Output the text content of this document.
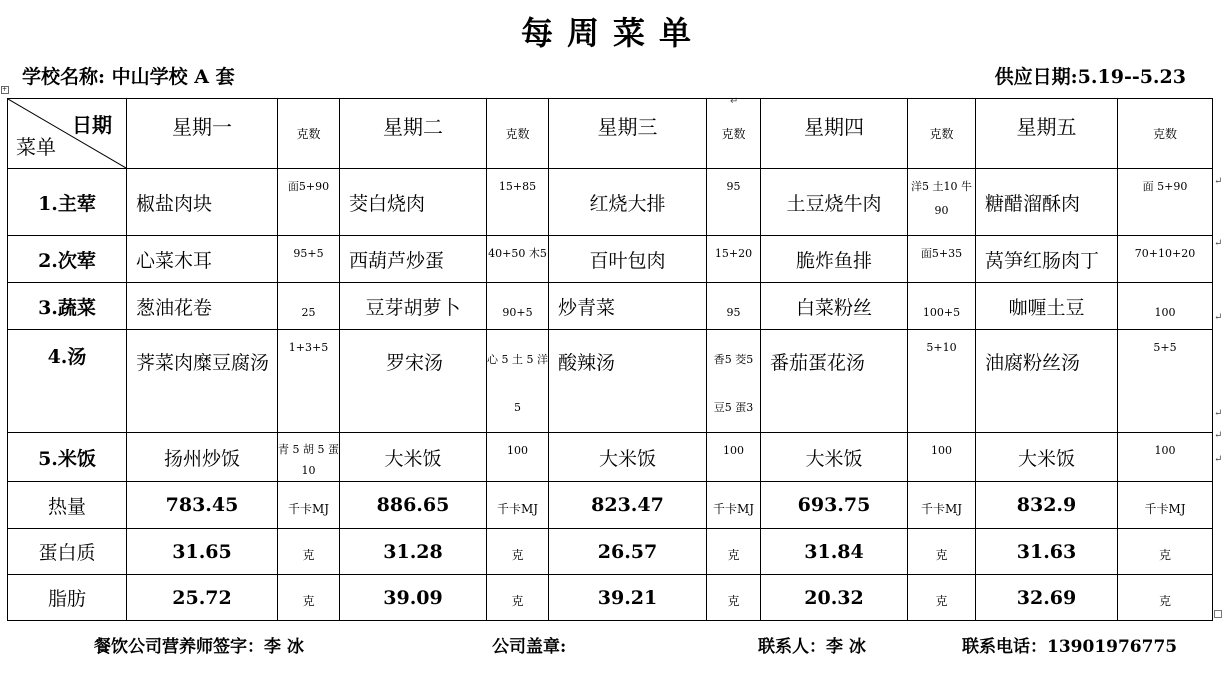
每周菜单
学校名称: 中山学校 A 套	供应日期:5.19--5.23
+
↵
日期
菜单	星期一	克数	星期二	克数	星期三	克数	星期四	克数	星期五	克数
1.主荤	椒盐肉块	面5+90	茭白烧肉	15+85	红烧大排	95	土豆烧牛肉	洋5 土10 牛90	糖醋溜酥肉	面 5+90
2.次荤	心菜木耳	95+5	西葫芦炒蛋	40+50 木5	百叶包肉	15+20	脆炸鱼排	面5+35	莴笋红肠肉丁	70+10+20
3.蔬菜	葱油花卷	25	豆芽胡萝卜	90+5	炒青菜	95	白菜粉丝	100+5	咖喱土豆	100
4.汤	荠菜肉糜豆腐汤	1+3+5	罗宋汤	心 5 土 5 洋5	酸辣汤	香5 茭5 豆5 蛋3	番茄蛋花汤	5+10	油腐粉丝汤	5+5
5.米饭	扬州炒饭	青 5 胡 5 蛋 10	大米饭	100	大米饭	100	大米饭	100	大米饭	100
热量	783.45	千卡MJ	886.65	千卡MJ	823.47	千卡MJ	693.75	千卡MJ	832.9	千卡MJ
蛋白质	31.65	克	31.28	克	26.57	克	31.84	克	31.63	克
脂肪	25.72	克	39.09	克	39.21	克	20.32	克	32.69	克
↵
↵
↵
↵
↵
↵
餐饮公司营养师签字：李 冰	公司盖章:	联系人：李 冰	联系电话：13901976775
